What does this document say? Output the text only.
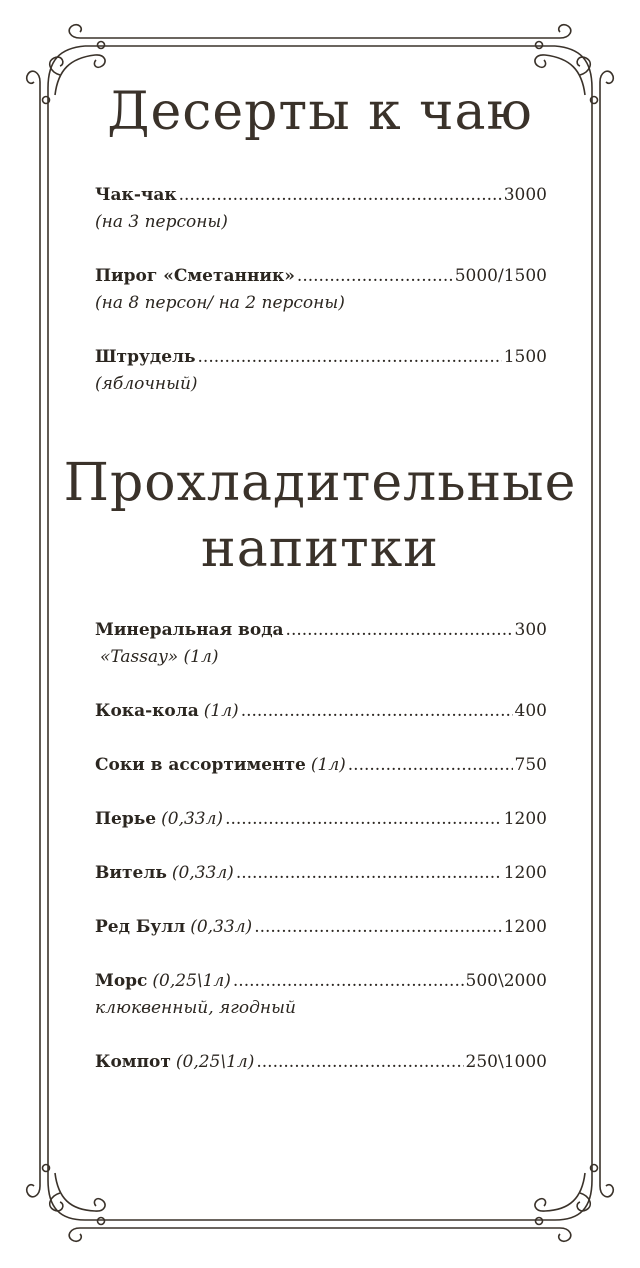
Десерты к чаю
Чак-чак .....	3000
(на 3 персоны)
Пирог «Сметанник» .....	5000/1500
(на 8 персон/ на 2 персоны)
Штрудель .....	1500
(яблочный)
Прохладительные
напитки
Минеральная вода .....	300
«Tassay» (1л)
Кока-кола (1л) .....	400
Соки в ассортименте (1л) .....	750
Перье (0,33л) .....	1200
Витель (0,33л) .....	1200
Ред Булл (0,33л) .....	1200
Морс (0,25\1л) .....	500\2000
клюквенный, ягодный
Компот (0,25\1л) .....	250\1000
